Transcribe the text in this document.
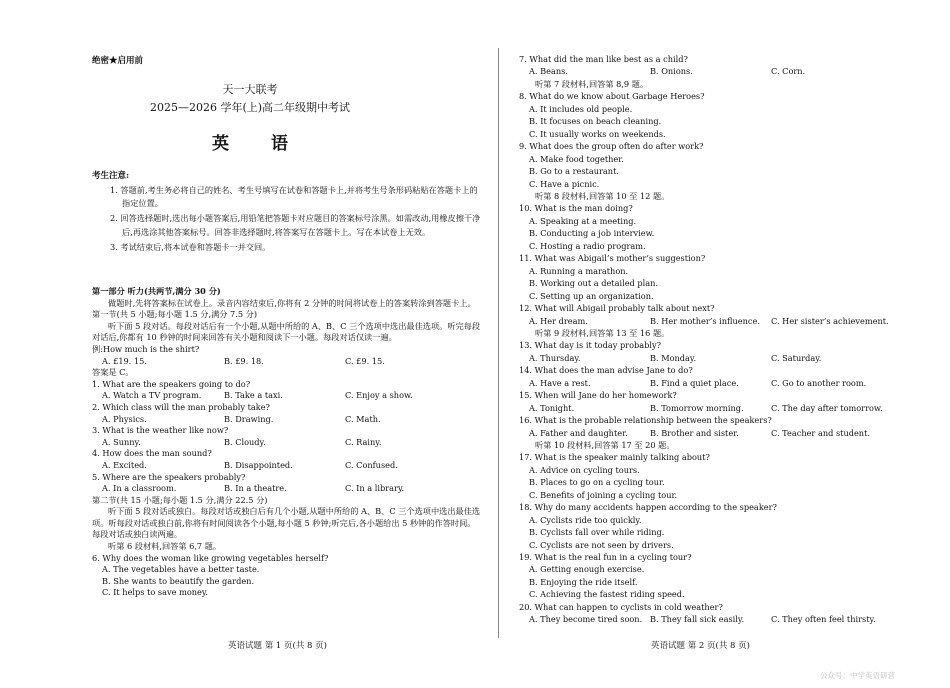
绝密★启用前
天一大联考
2025—2026 学年(上)高二年级期中考试
英 语
考生注意:

1. 答题前,考生务必将自己的姓名、考生号填写在试卷和答题卡上,并将考生号条形码粘贴在答题卡上的指定位置。

2. 回答选择题时,选出每小题答案后,用铅笔把答题卡对应题目的答案标号涂黑。如需改动,用橡皮擦干净后,再选涂其他答案标号。回答非选择题时,将答案写在答题卡上。写在本试卷上无效。

3. 考试结束后,将本试卷和答题卡一并交回。

第一部分 听力(共两节,满分 30 分)

做题时,先将答案标在试卷上。录音内容结束后,你将有 2 分钟的时间将试卷上的答案转涂到答题卡上。

第一节(共 5 小题;每小题 1.5 分,满分 7.5 分)

听下面 5 段对话。每段对话后有一个小题,从题中所给的 A、B、C 三个选项中选出最佳选项。听完每段对话后,你都有 10 秒钟的时间来回答有关小题和阅读下一小题。每段对话仅读一遍。

例:How much is the shirt?

A. £19. 15.	B. £9. 18.	C. £9. 15.

答案是 C。

1. What are the speakers going to do?

A. Watch a TV program.	B. Take a taxi.	C. Enjoy a show.

2. Which class will the man probably take?

A. Physics.	B. Drawing.	C. Math.

3. What is the weather like now?

A. Sunny.	B. Cloudy.	C. Rainy.

4. How does the man sound?

A. Excited.	B. Disappointed.	C. Confused.

5. Where are the speakers probably?

A. In a classroom.	B. In a theatre.	C. In a library.

第二节(共 15 小题;每小题 1.5 分,满分 22.5 分)

听下面 5 段对话或独白。每段对话或独白后有几个小题,从题中所给的 A、B、C 三个选项中选出最佳选项。听每段对话或独白前,你将有时间阅读各个小题,每小题 5 秒钟;听完后,各小题给出 5 秒钟的作答时间。每段对话或独白读两遍。

听第 6 段材料,回答第 6,7 题。

6. Why does the woman like growing vegetables herself?

A. The vegetables have a better taste.

B. She wants to beautify the garden.

C. It helps to save money.

英语试题 第 1 页(共 8 页)

7. What did the man like best as a child?

A. Beans.	B. Onions.	C. Corn.

听第 7 段材料,回答第 8,9 题。

8. What do we know about Garbage Heroes?

A. It includes old people.

B. It focuses on beach cleaning.

C. It usually works on weekends.

9. What does the group often do after work?

A. Make food together.

B. Go to a restaurant.

C. Have a picnic.

听第 8 段材料,回答第 10 至 12 题。

10. What is the man doing?

A. Speaking at a meeting.

B. Conducting a job interview.

C. Hosting a radio program.

11. What was Abigail’s mother’s suggestion?

A. Running a marathon.

B. Working out a detailed plan.

C. Setting up an organization.

12. What will Abigail probably talk about next?

A. Her dream.	B. Her mother’s influence. C. Her sister’s achievement.

听第 9 段材料,回答第 13 至 16 题。

13. What day is it today probably?

A. Thursday.	B. Monday.	C. Saturday.

14. What does the man advise Jane to do?

A. Have a rest.	B. Find a quiet place.	C. Go to another room.

15. When will Jane do her homework?

A. Tonight.	B. Tomorrow morning.	C. The day after tomorrow.

16. What is the probable relationship between the speakers?

A. Father and daughter.	B. Brother and sister.	C. Teacher and student.

听第 10 段材料,回答第 17 至 20 题。

17. What is the speaker mainly talking about?

A. Advice on cycling tours.

B. Places to go on a cycling tour.

C. Benefits of joining a cycling tour.

18. Why do many accidents happen according to the speaker?

A. Cyclists ride too quickly.

B. Cyclists fall over while riding.

C. Cyclists are not seen by drivers.

19. What is the real fun in a cycling tour?

A. Getting enough exercise.

B. Enjoying the ride itself.

C. Achieving the fastest riding speed.

20. What can happen to cyclists in cold weather?

A. They become tired soon. B. They fall sick easily.	C. They often feel thirsty.
英语试题 第 2 页(共 8 页)
公众号：中学英语研营
